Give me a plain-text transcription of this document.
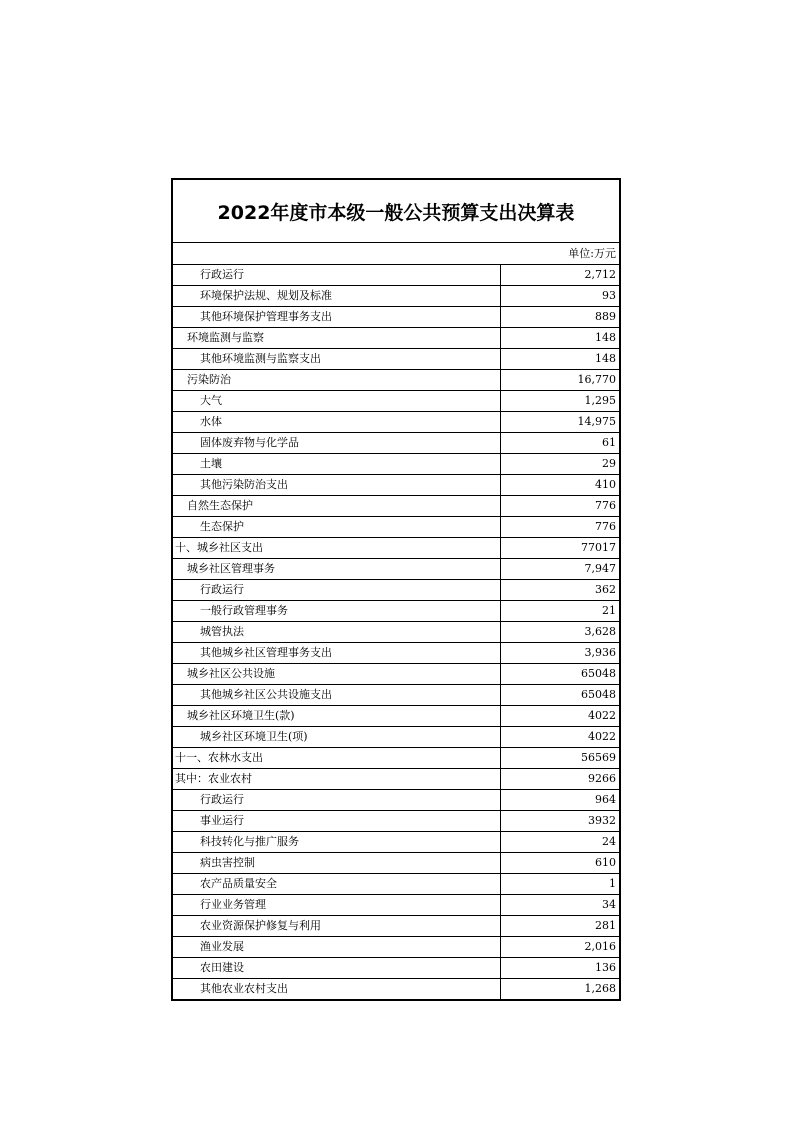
2022年度市本级一般公共预算支出决算表
单位:万元
行政运行	2,712
环境保护法规、规划及标准	93
其他环境保护管理事务支出	889
环境监测与监察	148
其他环境监测与监察支出	148
污染防治	16,770
大气	1,295
水体	14,975
固体废弃物与化学品	61
土壤	29
其他污染防治支出	410
自然生态保护	776
生态保护	776
十、城乡社区支出	77017
城乡社区管理事务	7,947
行政运行	362
一般行政管理事务	21
城管执法	3,628
其他城乡社区管理事务支出	3,936
城乡社区公共设施	65048
其他城乡社区公共设施支出	65048
城乡社区环境卫生(款)	4022
城乡社区环境卫生(项)	4022
十一、农林水支出	56569
其中：农业农村	9266
行政运行	964
事业运行	3932
科技转化与推广服务	24
病虫害控制	610
农产品质量安全	1
行业业务管理	34
农业资源保护修复与利用	281
渔业发展	2,016
农田建设	136
其他农业农村支出	1,268
